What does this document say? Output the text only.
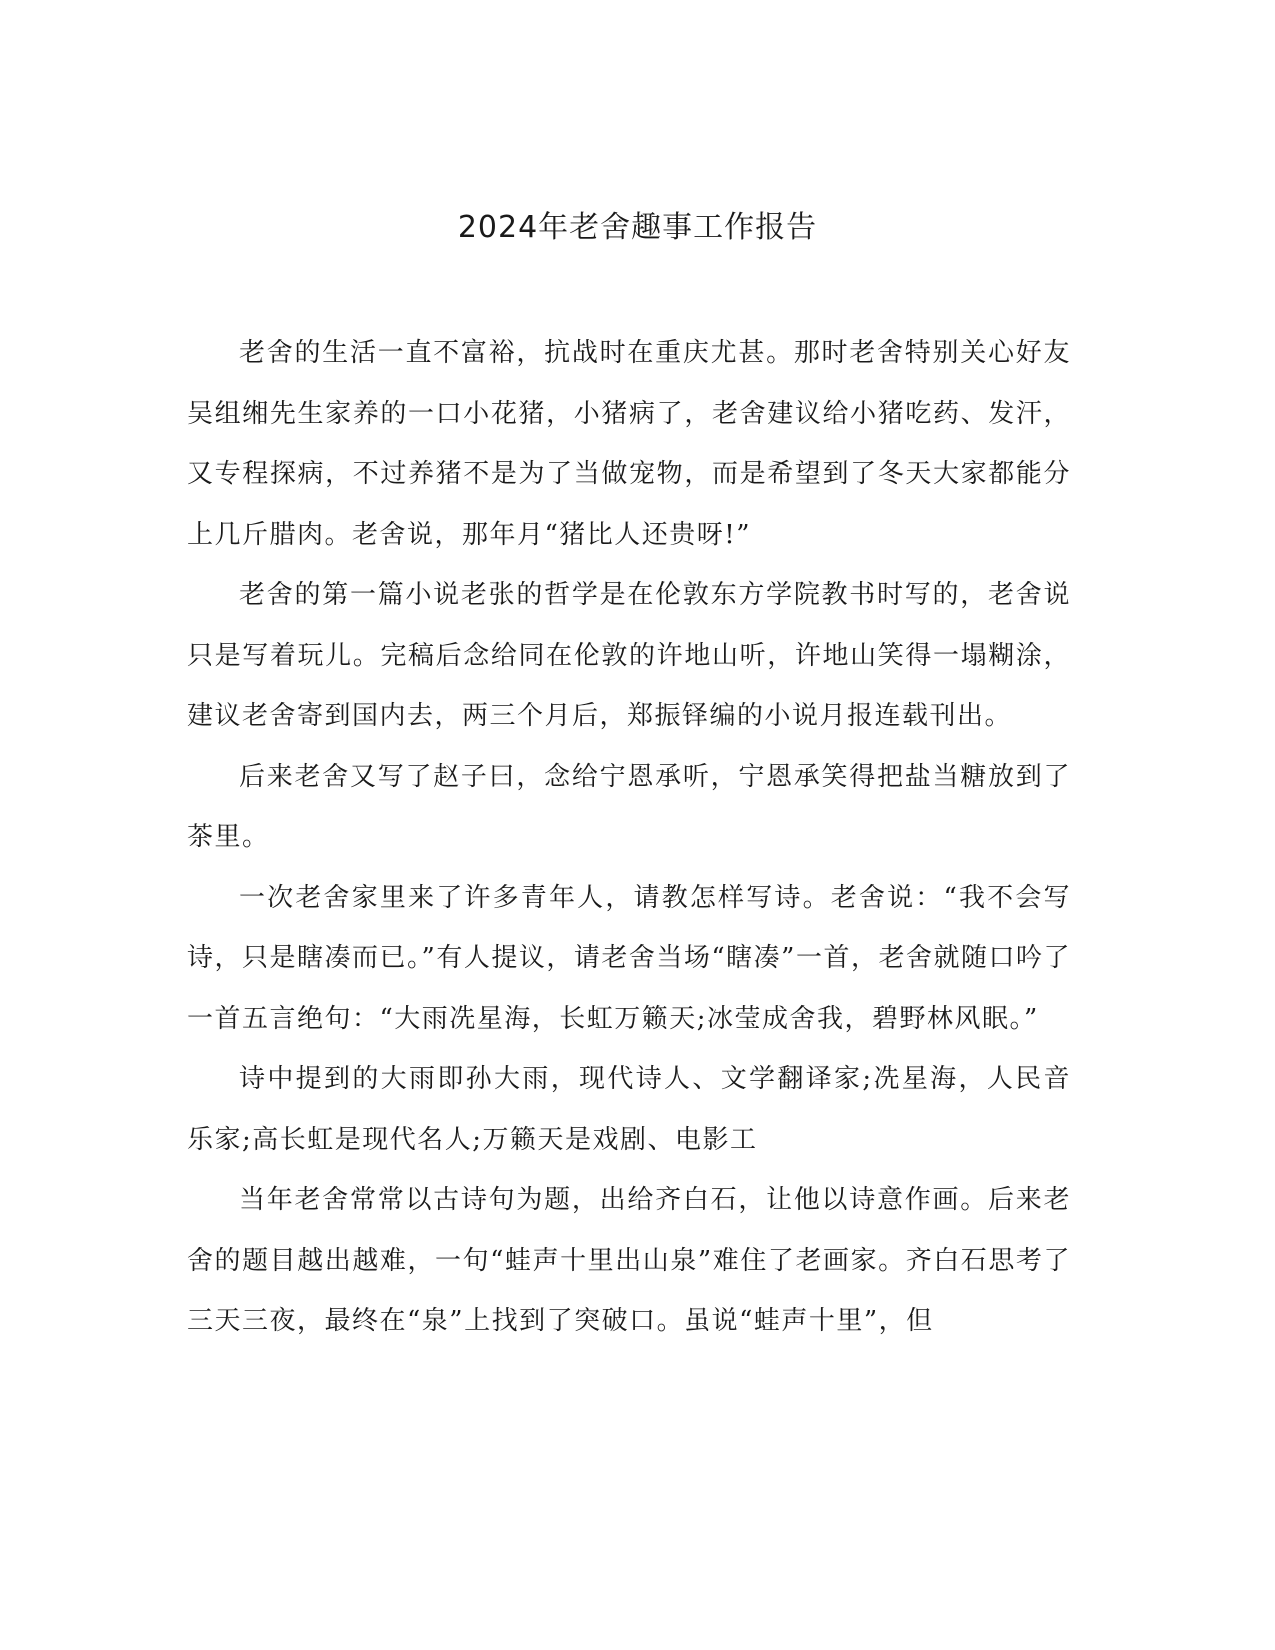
2024年老舍趣事工作报告

老舍的生活一直不富裕，抗战时在重庆尤甚。那时老舍特别关心好友吴组缃先生家养的一口小花猪，小猪病了，老舍建议给小猪吃药、发汗，又专程探病，不过养猪不是为了当做宠物，而是希望到了冬天大家都能分上几斤腊肉。老舍说，那年月“猪比人还贵呀!”

老舍的第一篇小说老张的哲学是在伦敦东方学院教书时写的，老舍说只是写着玩儿。完稿后念给同在伦敦的许地山听，许地山笑得一塌糊涂，建议老舍寄到国内去，两三个月后，郑振铎编的小说月报连载刊出。

后来老舍又写了赵子曰，念给宁恩承听，宁恩承笑得把盐当糖放到了茶里。

一次老舍家里来了许多青年人，请教怎样写诗。老舍说：“我不会写诗，只是瞎凑而已。”有人提议，请老舍当场“瞎凑”一首，老舍就随口吟了一首五言绝句：“大雨冼星海，长虹万籁天;冰莹成舍我，碧野林风眠。”

诗中提到的大雨即孙大雨，现代诗人、文学翻译家;冼星海，人民音乐家;高长虹是现代名人;万籁天是戏剧、电影工

当年老舍常常以古诗句为题，出给齐白石，让他以诗意作画。后来老舍的题目越出越难，一句“蛙声十里出山泉”难住了老画家。齐白石思考了三天三夜，最终在“泉”上找到了突破口。虽说“蛙声十里”，但
